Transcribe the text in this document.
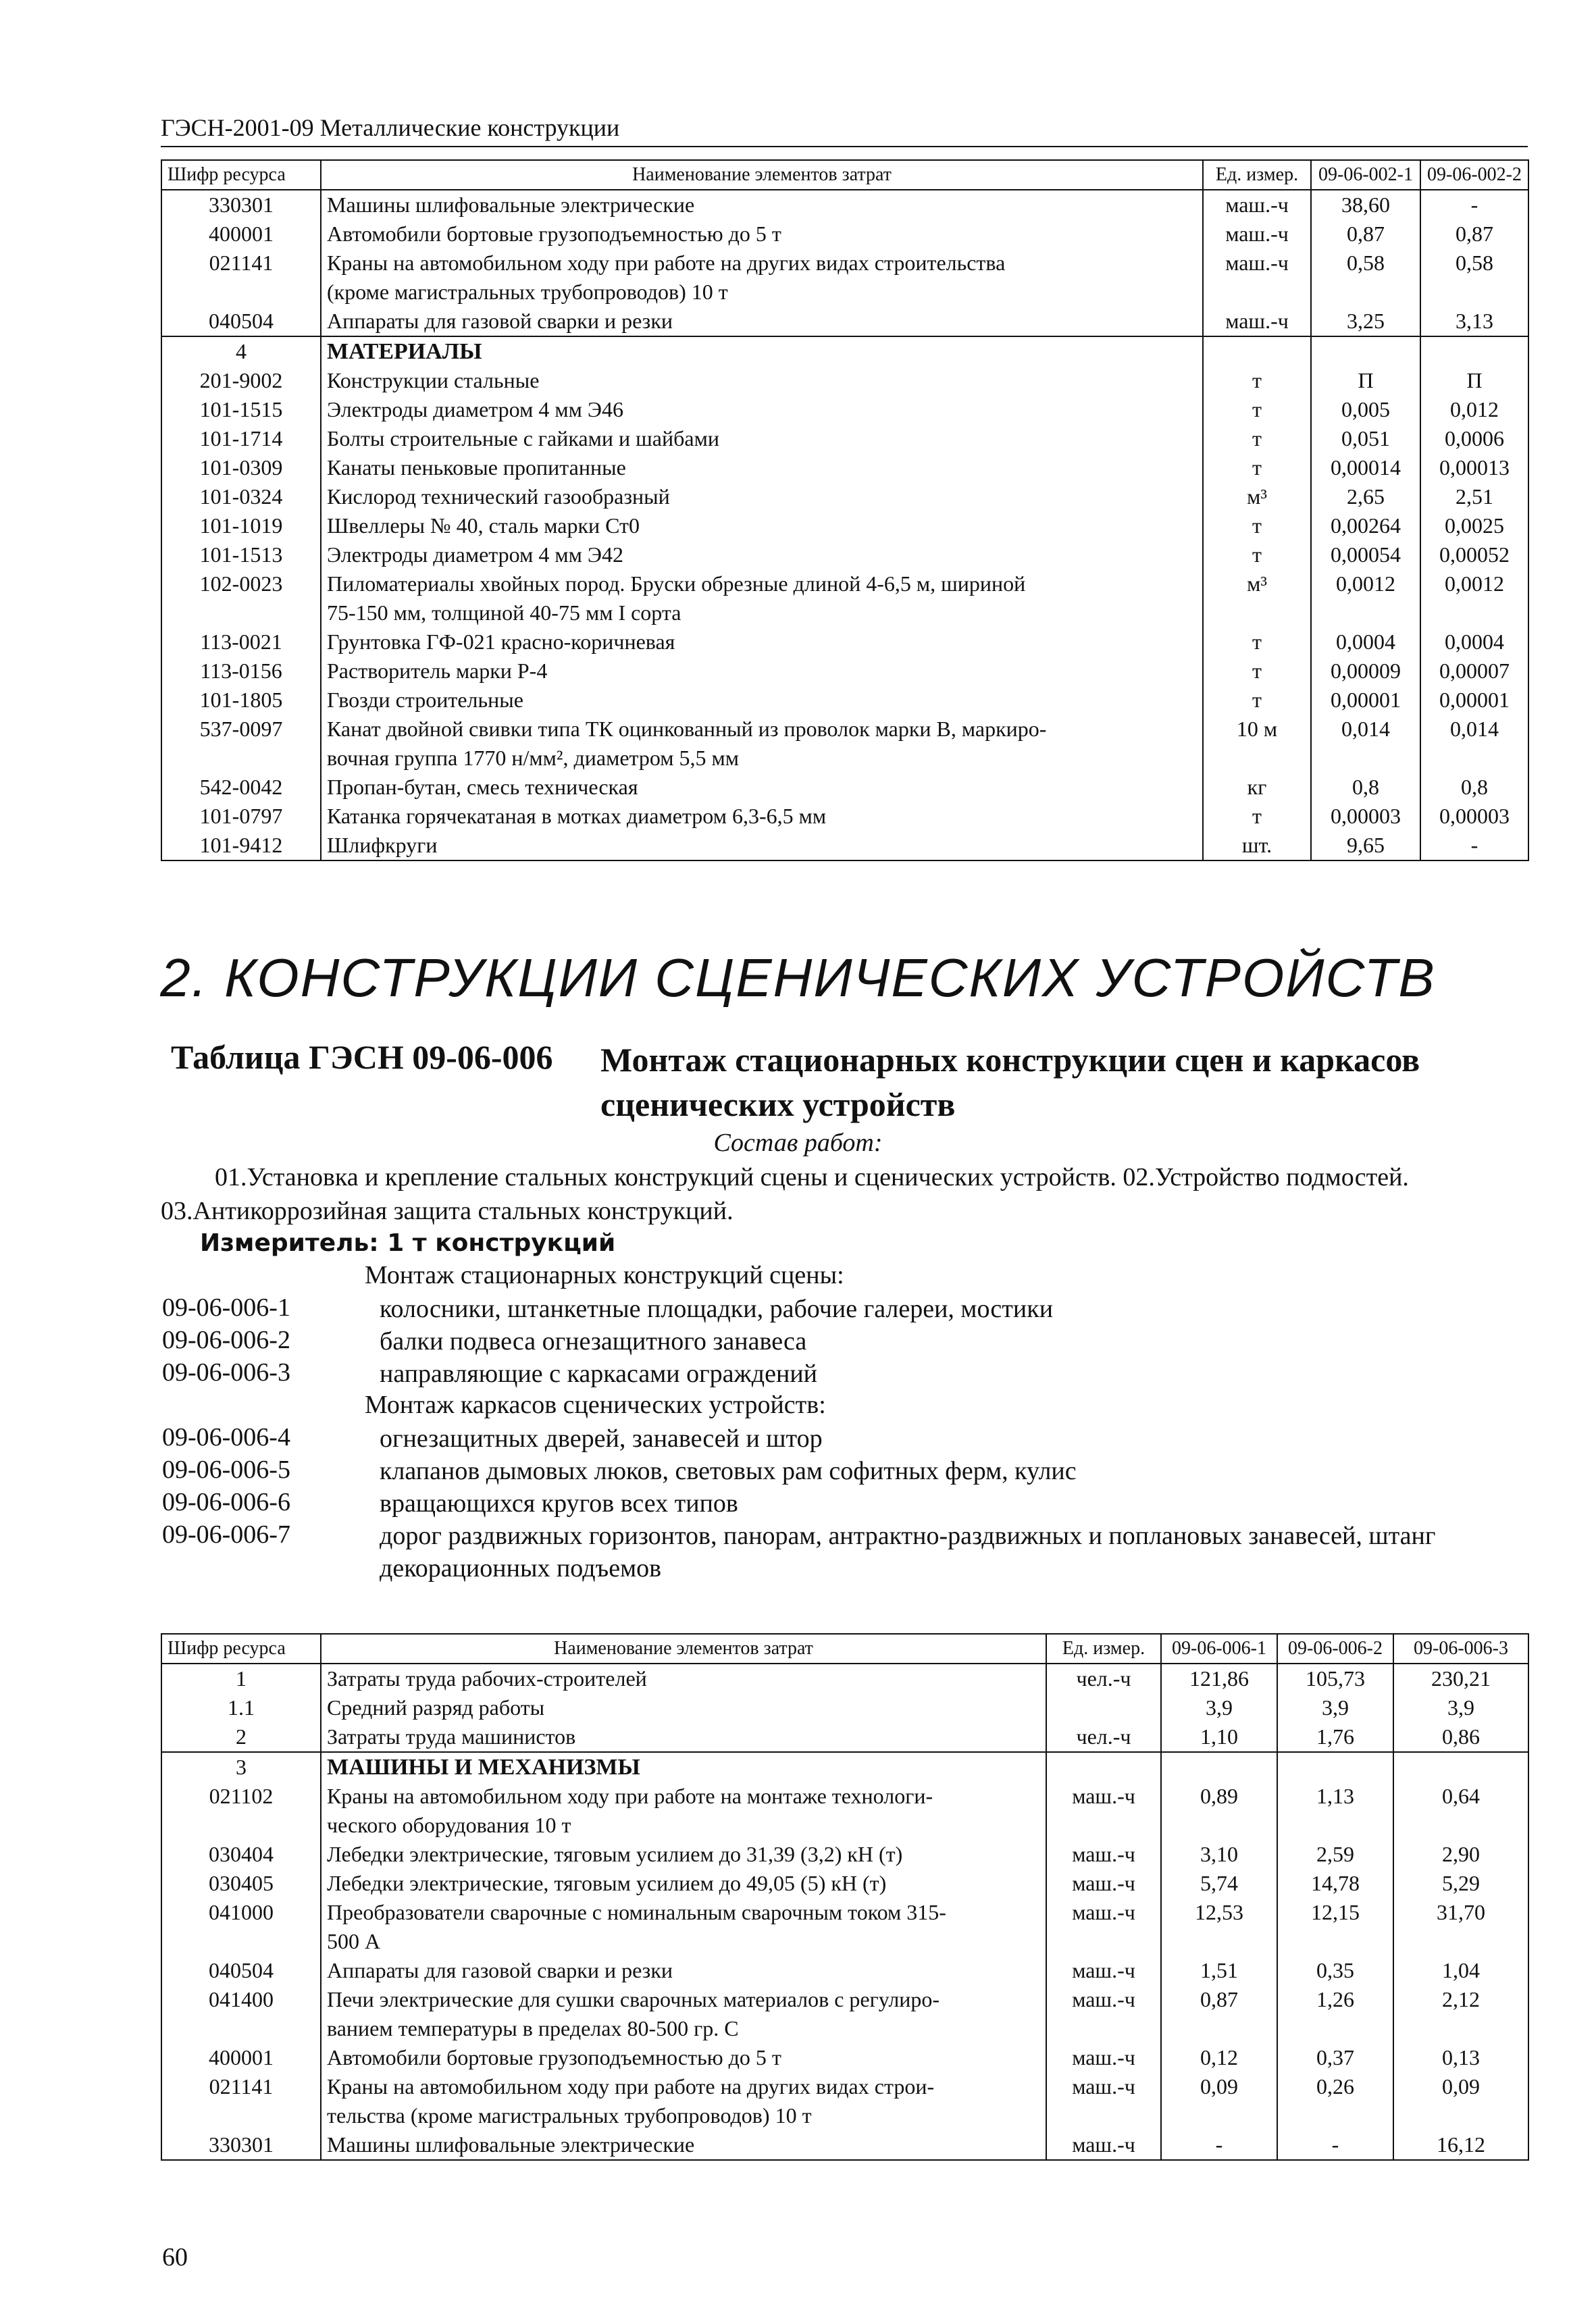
ГЭСН-2001-09 Металлические конструкции
Шифр ресурса	Наименование элементов затрат	Ед. измер.	09-06-002-1	09-06-002-2
330301	Машины шлифовальные электрические	маш.-ч	38,60	-
400001	Автомобили бортовые грузоподъемностью до 5 т	маш.-ч	0,87	0,87
021141	Краны на автомобильном ходу при работе на других видах строительства
(кроме магистральных трубопроводов) 10 т	маш.-ч	0,58	0,58
040504	Аппараты для газовой сварки и резки	маш.-ч	3,25	3,13
4	МАТЕРИАЛЫ			

201-9002	Конструкции стальные	т	П	П
101-1515	Электроды диаметром 4 мм Э46	т	0,005	0,012
101-1714	Болты строительные с гайками и шайбами	т	0,051	0,0006
101-0309	Канаты пеньковые пропитанные	т	0,00014	0,00013
101-0324	Кислород технический газообразный	м³	2,65	2,51
101-1019	Швеллеры № 40, сталь марки Ст0	т	0,00264	0,0025
101-1513	Электроды диаметром 4 мм Э42	т	0,00054	0,00052
102-0023	Пиломатериалы хвойных пород. Бруски обрезные длиной 4-6,5 м, шириной
75-150 мм, толщиной 40-75 мм I сорта	м³	0,0012	0,0012
113-0021	Грунтовка ГФ-021 красно-коричневая	т	0,0004	0,0004
113-0156	Растворитель марки Р-4	т	0,00009	0,00007
101-1805	Гвозди строительные	т	0,00001	0,00001
537-0097	Канат двойной свивки типа ТК оцинкованный из проволок марки В, маркиро-
вочная группа 1770 н/мм², диаметром 5,5 мм	10 м	0,014	0,014
542-0042	Пропан-бутан, смесь техническая	кг	0,8	0,8
101-0797	Катанка горячекатаная в мотках диаметром 6,3-6,5 мм	т	0,00003	0,00003
101-9412	Шлифкруги	шт.	9,65	-
2. КОНСТРУКЦИИ СЦЕНИЧЕСКИХ УСТРОЙСТВ
Таблица ГЭСН 09-06-006 Монтаж стационарных конструкции сцен и каркасов сценических устройств
Состав работ:
01.Установка и крепление стальных конструкций сцены и сценических устройств. 02.Устройство подмостей. 03.Антикоррозийная защита стальных конструкций.
Измеритель: 1 т конструкций
Монтаж стационарных конструкций сцены:
09-06-006-1	колосники, штанкетные площадки, рабочие галереи, мостики
09-06-006-2	балки подвеса огнезащитного занавеса
09-06-006-3	направляющие с каркасами ограждений
Монтаж каркасов сценических устройств:
09-06-006-4	огнезащитных дверей, занавесей и штор
09-06-006-5	клапанов дымовых люков, световых рам софитных ферм, кулис
09-06-006-6	вращающихся кругов всех типов
09-06-006-7	дорог раздвижных горизонтов, панорам, антрактно-раздвижных и поплановых занавесей, штанг декорационных подъемов
Шифр ресурса	Наименование элементов затрат	Ед. измер.	09-06-006-1	09-06-006-2	09-06-006-3
1	Затраты труда рабочих-строителей	чел.-ч	121,86	105,73	230,21
1.1	Средний разряд работы		3,9	3,9	3,9
2	Затраты труда машинистов	чел.-ч	1,10	1,76	0,86
3	МАШИНЫ И МЕХАНИЗМЫ				

021102	Краны на автомобильном ходу при работе на монтаже технологи-
ческого оборудования 10 т	маш.-ч	0,89	1,13	0,64
030404	Лебедки электрические, тяговым усилием до 31,39 (3,2) кН (т)	маш.-ч	3,10	2,59	2,90
030405	Лебедки электрические, тяговым усилием до 49,05 (5) кН (т)	маш.-ч	5,74	14,78	5,29
041000	Преобразователи сварочные с номинальным сварочным током 315-
500 А	маш.-ч	12,53	12,15	31,70
040504	Аппараты для газовой сварки и резки	маш.-ч	1,51	0,35	1,04
041400	Печи электрические для сушки сварочных материалов с регулиро-
ванием температуры в пределах 80-500 гр. С	маш.-ч	0,87	1,26	2,12
400001	Автомобили бортовые грузоподъемностью до 5 т	маш.-ч	0,12	0,37	0,13
021141	Краны на автомобильном ходу при работе на других видах строи-
тельства (кроме магистральных трубопроводов) 10 т	маш.-ч	0,09	0,26	0,09
330301	Машины шлифовальные электрические	маш.-ч	-	-	16,12
60
